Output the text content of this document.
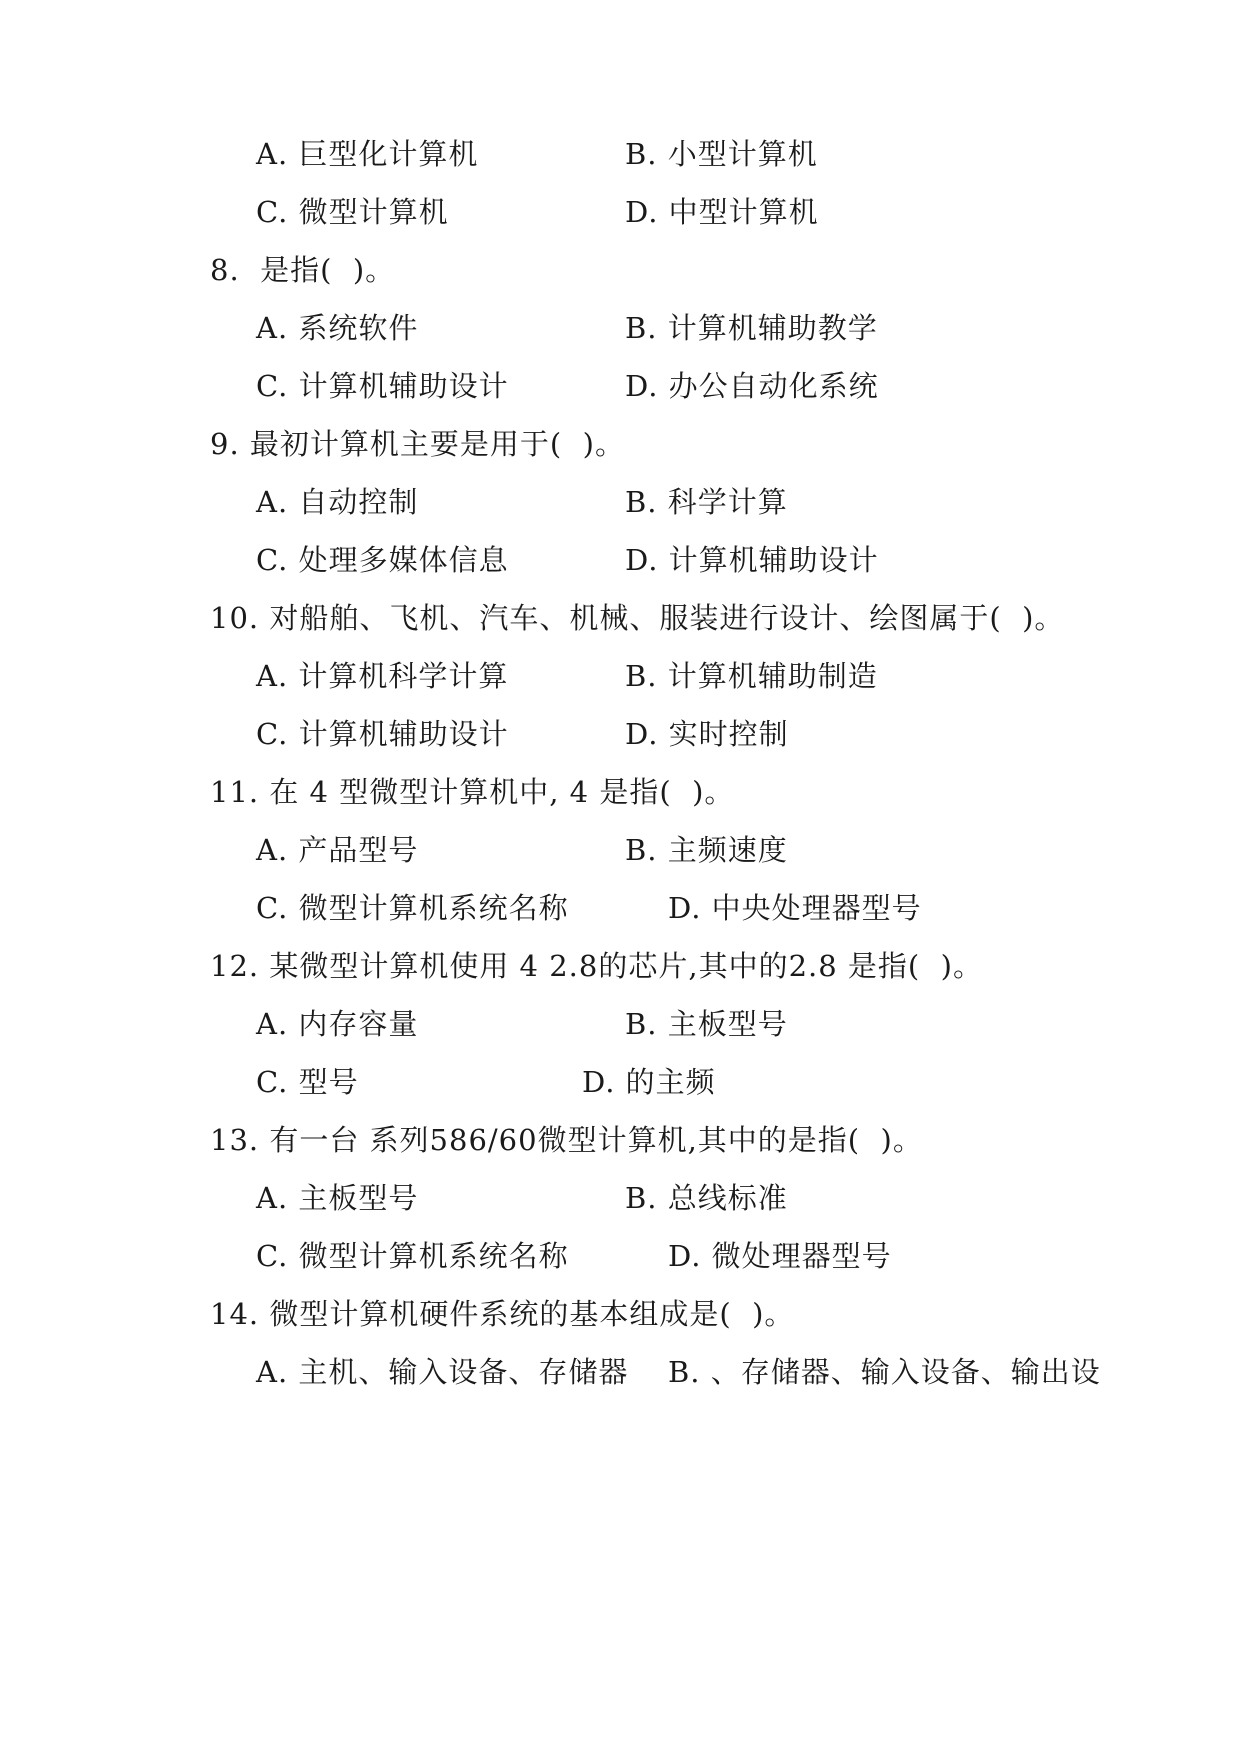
A. 巨型化计算机	B. 小型计算机
C. 微型计算机	D. 中型计算机
8.  是指(  )。
A. 系统软件	B. 计算机辅助教学
C. 计算机辅助设计	D. 办公自动化系统
9. 最初计算机主要是用于(  )。
A. 自动控制	B. 科学计算
C. 处理多媒体信息	D. 计算机辅助设计
10. 对船舶、飞机、汽车、机械、服装进行设计、绘图属于(  )。
A. 计算机科学计算	B. 计算机辅助制造
C. 计算机辅助设计	D. 实时控制
11. 在 4 型微型计算机中, 4 是指(  )。
A. 产品型号	B. 主频速度
C. 微型计算机系统名称	D. 中央处理器型号
12. 某微型计算机使用 4 2.8的芯片,其中的2.8 是指(  )。
A. 内存容量	B. 主板型号
C. 型号	D. 的主频
13. 有一台 系列586/60微型计算机,其中的是指(  )。
A. 主板型号	B. 总线标准
C. 微型计算机系统名称	D. 微处理器型号
14. 微型计算机硬件系统的基本组成是(  )。
A. 主机、输入设备、存储器 B. 、存储器、输入设备、输出设
